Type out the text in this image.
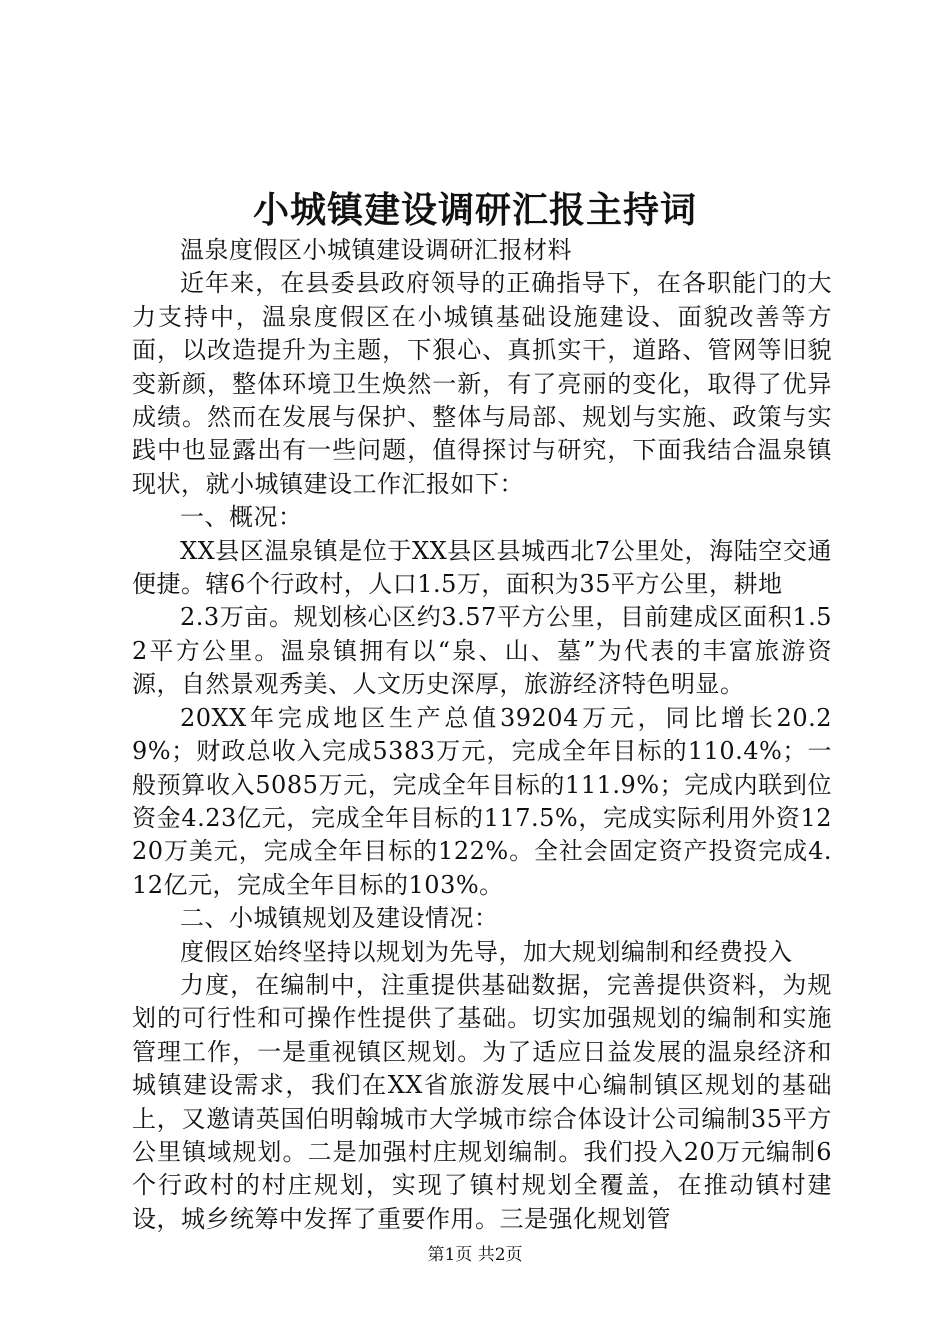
小城镇建设调研汇报主持词

温泉度假区小城镇建设调研汇报材料

近年来，在县委县政府领导的正确指导下，在各职能门的大力支持中，温泉度假区在小城镇基础设施建设、面貌改善等方面，以改造提升为主题，下狠心、真抓实干，道路、管网等旧貌变新颜，整体环境卫生焕然一新，有了亮丽的变化，取得了优异成绩。然而在发展与保护、整体与局部、规划与实施、政策与实践中也显露出有一些问题，值得探讨与研究，下面我结合温泉镇现状，就小城镇建设工作汇报如下：

一、概况：

XX县区温泉镇是位于XX县区县城西北7公里处，海陆空交通便捷。辖6个行政村，人口1.5万，面积为35平方公里，耕地

2.3万亩。规划核心区约3.57平方公里，目前建成区面积1.52平方公里。温泉镇拥有以“泉、山、墓”为代表的丰富旅游资源，自然景观秀美、人文历史深厚，旅游经济特色明显。

20XX年完成地区生产总值39204万元，同比增长20.29%；财政总收入完成5383万元，完成全年目标的110.4%；一般预算收入5085万元，完成全年目标的111.9%；完成内联到位资金4.23亿元，完成全年目标的117.5%，完成实际利用外资1220万美元，完成全年目标的122%。全社会固定资产投资完成4.12亿元，完成全年目标的103%。

二、小城镇规划及建设情况：

度假区始终坚持以规划为先导，加大规划编制和经费投入

力度，在编制中，注重提供基础数据，完善提供资料，为规划的可行性和可操作性提供了基础。切实加强规划的编制和实施管理工作，一是重视镇区规划。为了适应日益发展的温泉经济和城镇建设需求，我们在XX省旅游发展中心编制镇区规划的基础上，又邀请英国伯明翰城市大学城市综合体设计公司编制35平方公里镇域规划。二是加强村庄规划编制。我们投入20万元编制6个行政村的村庄规划，实现了镇村规划全覆盖，在推动镇村建设，城乡统筹中发挥了重要作用。三是强化规划管

第1页 共2页
